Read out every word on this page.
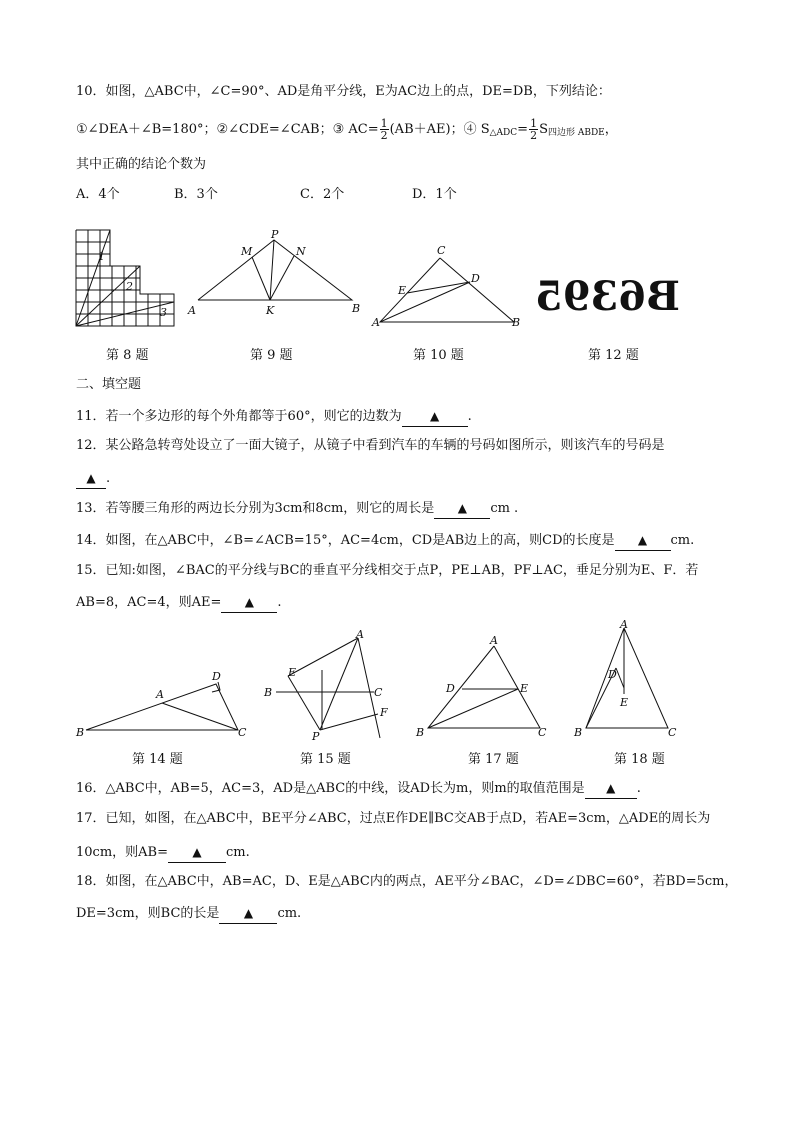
10．如图，△ABC中，∠C=90°、AD是角平分线，E为AC边上的点，DE=DB，下列结论：
①∠DEA＋∠B=180°；②∠CDE=∠CAB；③ $AC= \frac{1}{2} (AB+AE)$；④ $S_{\triangle ADC}= \frac{1}{2} S_{四边形 ABDE}$，
其中正确的结论个数为
A．4个	B．3个	C．2个	D．1个
1
2
3
P
M	N
A	K	B
C
D
E
A	B
B6395
第 8 题	第 9 题	第 10 题	第 12 题
二、填空题
11．若一个多边形的每个外角都等于60°，则它的边数为 ▲ .
12．某公路急转弯处设立了一面大镜子，从镜子中看到汽车的车辆的号码如图所示，则该汽车的号码是
▲ .
13．若等腰三角形的两边长分别为3cm和8cm，则它的周长是 ▲ cm .
14．如图，在△ABC中，∠B=∠ACB=15°，AC=4cm，CD是AB边上的高，则CD的长度是 ▲ cm.
15．已知:如图，∠BAC的平分线与BC的垂直平分线相交于点P，PE⊥AB，PF⊥AC，垂足分别为E、F．若
AB=8，AC=4，则AE= ▲ .
D
A
B	C
A
E
B	C
F
P
A
D	E
B	C
A
D
E
B	C
第 14 题	第 15 题	第 17 题	第 18 题
16．△ABC中，AB=5，AC=3，AD是△ABC的中线，设AD长为m，则m的取值范围是 ▲ .
17．已知，如图，在△ABC中，BE平分∠ABC，过点E作DE∥BC交AB于点D，若AE=3cm，△ADE的周长为
10cm，则AB= ▲ cm.
18．如图，在△ABC中，AB=AC，D、E是△ABC内的两点，AE平分∠BAC，∠D=∠DBC=60°，若BD=5cm，
DE=3cm，则BC的长是 ▲ cm.
